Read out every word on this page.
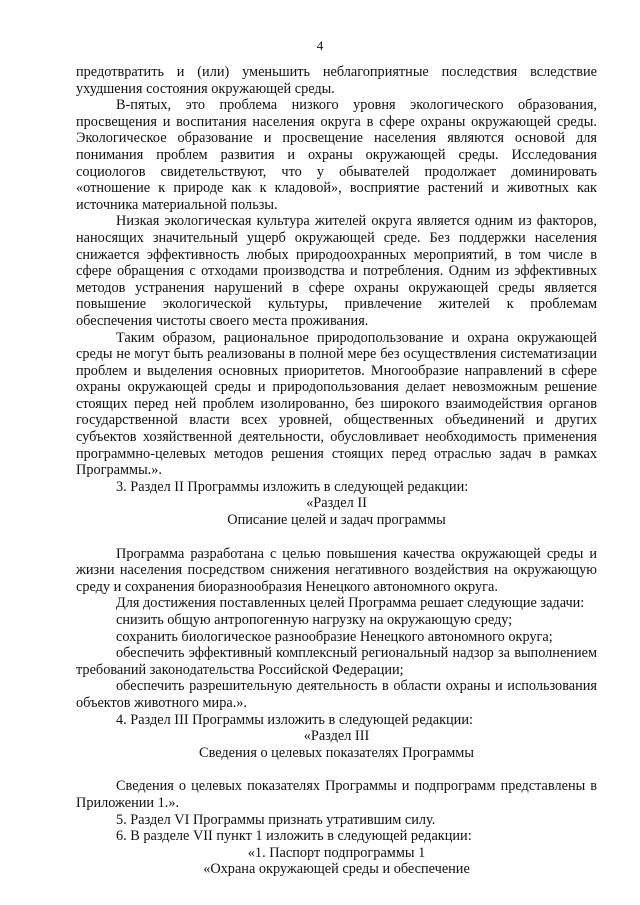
4

предотвратить и (или) уменьшить неблагоприятные последствия вследствие ухудшения состояния окружающей среды.

В-пятых, это проблема низкого уровня экологического образования, просвещения и воспитания населения округа в сфере охраны окружающей среды. Экологическое образование и просвещение населения являются основой для понимания проблем развития и охраны окружающей среды. Исследования социологов свидетельствуют, что у обывателей продолжает доминировать «отношение к природе как к кладовой», восприятие растений и животных как источника материальной пользы.

Низкая экологическая культура жителей округа является одним из факторов, наносящих значительный ущерб окружающей среде. Без поддержки населения снижается эффективность любых природоохранных мероприятий, в том числе в сфере обращения с отходами производства и потребления. Одним из эффективных методов устранения нарушений в сфере охраны окружающей среды является повышение экологической культуры, привлечение жителей к проблемам обеспечения чистоты своего места проживания.

Таким образом, рациональное природопользование и охрана окружающей среды не могут быть реализованы в полной мере без осуществления систематизации проблем и выделения основных приоритетов. Многообразие направлений в сфере охраны окружающей среды и природопользования делает невозможным решение стоящих перед ней проблем изолированно, без широкого взаимодействия органов государственной власти всех уровней, общественных объединений и других субъектов хозяйственной деятельности, обусловливает необходимость применения программно-целевых методов решения стоящих перед отраслью задач в рамках Программы.».

3. Раздел II Программы изложить в следующей редакции:

«Раздел II

Описание целей и задач программы

Программа разработана с целью повышения качества окружающей среды и жизни населения посредством снижения негативного воздействия на окружающую среду и сохранения биоразнообразия Ненецкого автономного округа.

Для достижения поставленных целей Программа решает следующие задачи:

снизить общую антропогенную нагрузку на окружающую среду;

сохранить биологическое разнообразие Ненецкого автономного округа;

обеспечить эффективный комплексный региональный надзор за выполнением требований законодательства Российской Федерации;

обеспечить разрешительную деятельность в области охраны и использования объектов животного мира.».

4. Раздел III Программы изложить в следующей редакции:

«Раздел III

Сведения о целевых показателях Программы

Сведения о целевых показателях Программы и подпрограмм представлены в Приложении 1.».

5. Раздел VI Программы признать утратившим силу.

6. В разделе VII пункт 1 изложить в следующей редакции:

«1. Паспорт подпрограммы 1

«Охрана окружающей среды и обеспечение
